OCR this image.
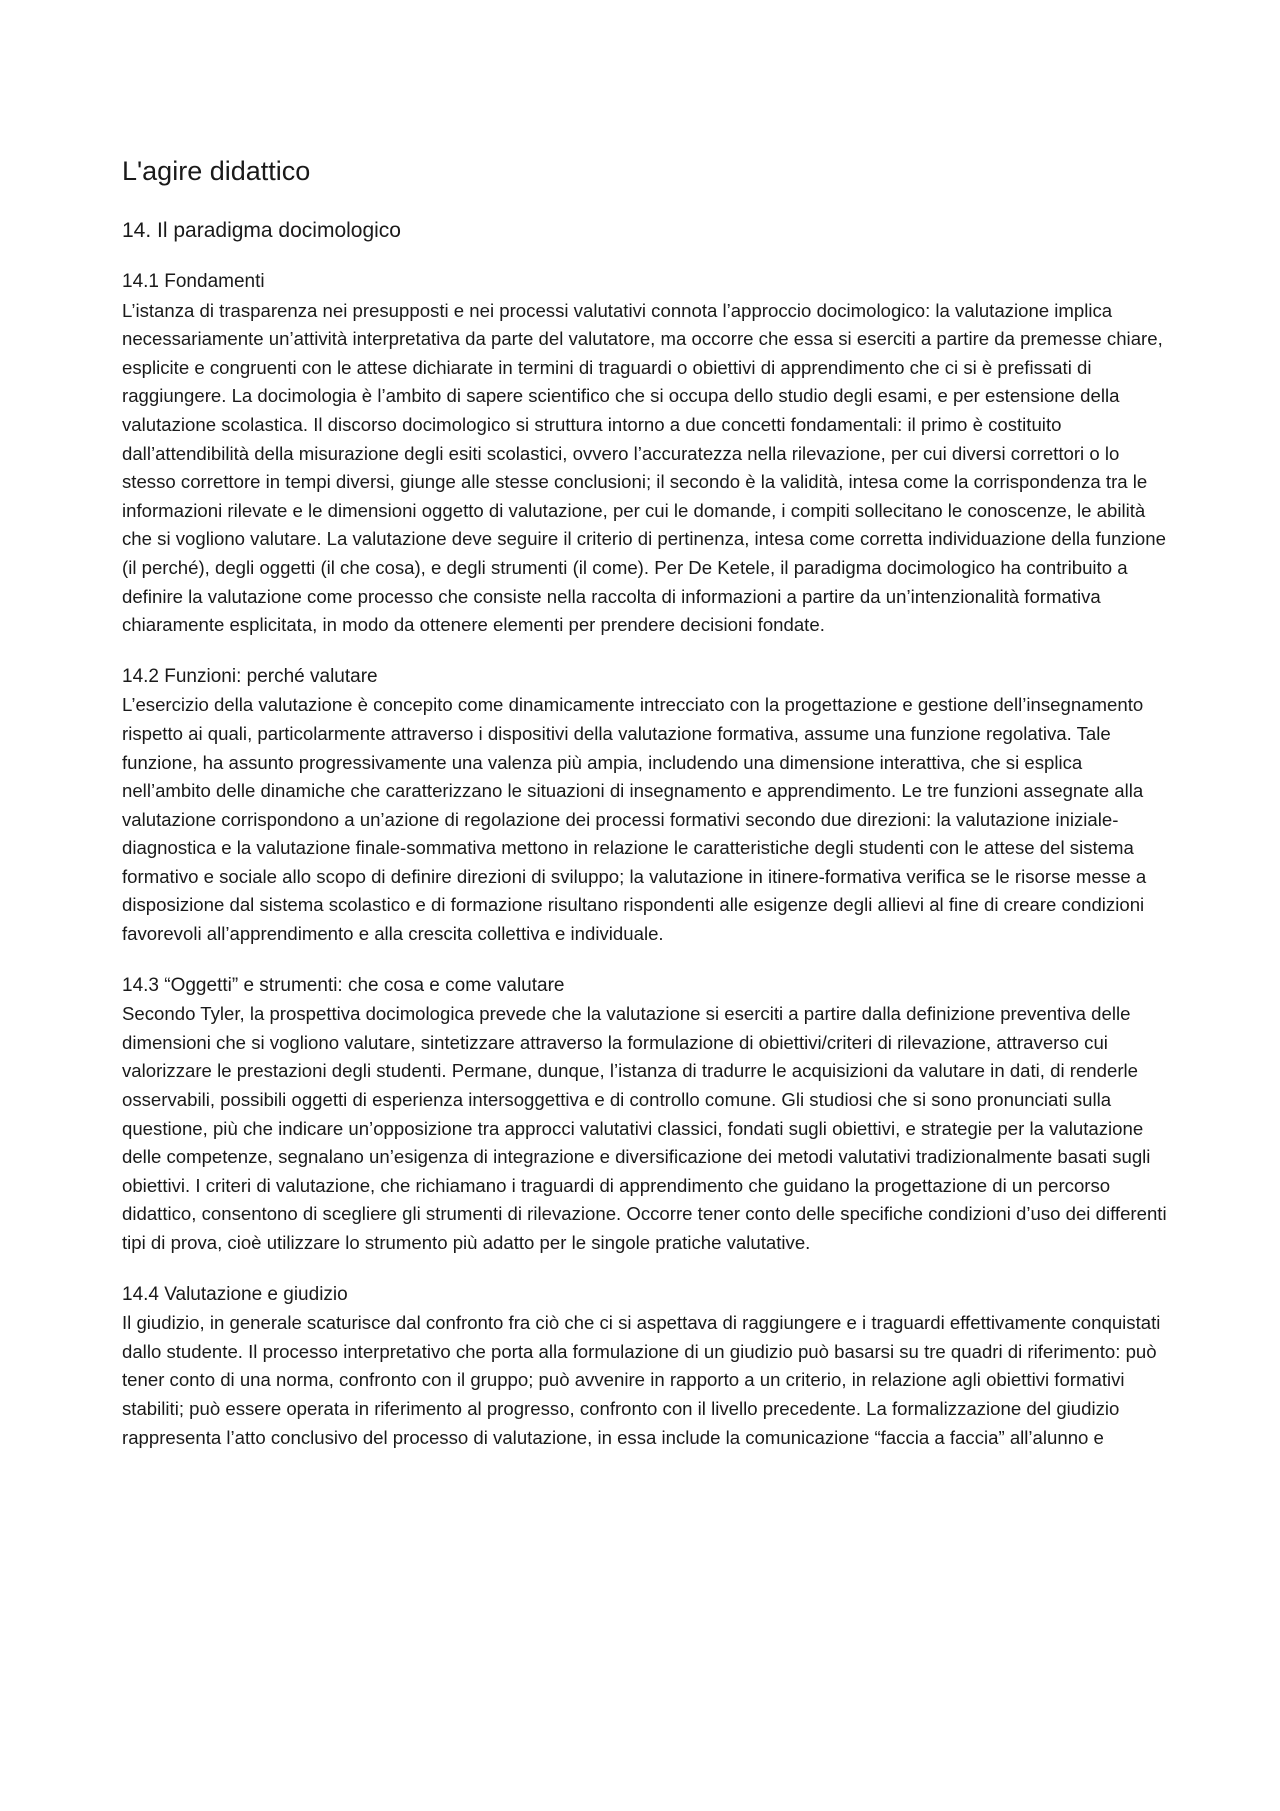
L'agire didattico
14. Il paradigma docimologico
14.1 Fondamenti

L’istanza di trasparenza nei presupposti e nei processi valutativi connota l’approccio docimologico: la valutazione implica necessariamente un’attività interpretativa da parte del valutatore, ma occorre che essa si eserciti a partire da premesse chiare, esplicite e congruenti con le attese dichiarate in termini di traguardi o obiettivi di apprendimento che ci si è prefissati di raggiungere. La docimologia è l’ambito di sapere scientifico che si occupa dello studio degli esami, e per estensione della valutazione scolastica. Il discorso docimologico si struttura intorno a due concetti fondamentali: il primo è costituito dall’attendibilità della misurazione degli esiti scolastici, ovvero l’accuratezza nella rilevazione, per cui diversi correttori o lo stesso correttore in tempi diversi, giunge alle stesse conclusioni; il secondo è la validità, intesa come la corrispondenza tra le informazioni rilevate e le dimensioni oggetto di valutazione, per cui le domande, i compiti sollecitano le conoscenze, le abilità che si vogliono valutare. La valutazione deve seguire il criterio di pertinenza, intesa come corretta individuazione della funzione (il perché), degli oggetti (il che cosa), e degli strumenti (il come). Per De Ketele, il paradigma docimologico ha contribuito a definire la valutazione come processo che consiste nella raccolta di informazioni a partire da un’intenzionalità formativa chiaramente esplicitata, in modo da ottenere elementi per prendere decisioni fondate.

14.2 Funzioni: perché valutare

L’esercizio della valutazione è concepito come dinamicamente intrecciato con la progettazione e gestione dell’insegnamento rispetto ai quali, particolarmente attraverso i dispositivi della valutazione formativa, assume una funzione regolativa. Tale funzione, ha assunto progressivamente una valenza più ampia, includendo una dimensione interattiva, che si esplica nell’ambito delle dinamiche che caratterizzano le situazioni di insegnamento e apprendimento. Le tre funzioni assegnate alla valutazione corrispondono a un’azione di regolazione dei processi formativi secondo due direzioni: la valutazione iniziale-diagnostica e la valutazione finale-sommativa mettono in relazione le caratteristiche degli studenti con le attese del sistema formativo e sociale allo scopo di definire direzioni di sviluppo; la valutazione in itinere-formativa verifica se le risorse messe a disposizione dal sistema scolastico e di formazione risultano rispondenti alle esigenze degli allievi al fine di creare condizioni favorevoli all’apprendimento e alla crescita collettiva e individuale.

14.3 “Oggetti” e strumenti: che cosa e come valutare

Secondo Tyler, la prospettiva docimologica prevede che la valutazione si eserciti a partire dalla definizione preventiva delle dimensioni che si vogliono valutare, sintetizzare attraverso la formulazione di obiettivi/criteri di rilevazione, attraverso cui valorizzare le prestazioni degli studenti. Permane, dunque, l’istanza di tradurre le acquisizioni da valutare in dati, di renderle osservabili, possibili oggetti di esperienza intersoggettiva e di controllo comune. Gli studiosi che si sono pronunciati sulla questione, più che indicare un’opposizione tra approcci valutativi classici, fondati sugli obiettivi, e strategie per la valutazione delle competenze, segnalano un’esigenza di integrazione e diversificazione dei metodi valutativi tradizionalmente basati sugli obiettivi. I criteri di valutazione, che richiamano i traguardi di apprendimento che guidano la progettazione di un percorso didattico, consentono di scegliere gli strumenti di rilevazione. Occorre tener conto delle specifiche condizioni d’uso dei differenti tipi di prova, cioè utilizzare lo strumento più adatto per le singole pratiche valutative.

14.4 Valutazione e giudizio

Il giudizio, in generale scaturisce dal confronto fra ciò che ci si aspettava di raggiungere e i traguardi effettivamente conquistati dallo studente. Il processo interpretativo che porta alla formulazione di un giudizio può basarsi su tre quadri di riferimento: può tener conto di una norma, confronto con il gruppo; può avvenire in rapporto a un criterio, in relazione agli obiettivi formativi stabiliti; può essere operata in riferimento al progresso, confronto con il livello precedente. La formalizzazione del giudizio rappresenta l’atto conclusivo del processo di valutazione, in essa include la comunicazione “faccia a faccia” all’alunno e
